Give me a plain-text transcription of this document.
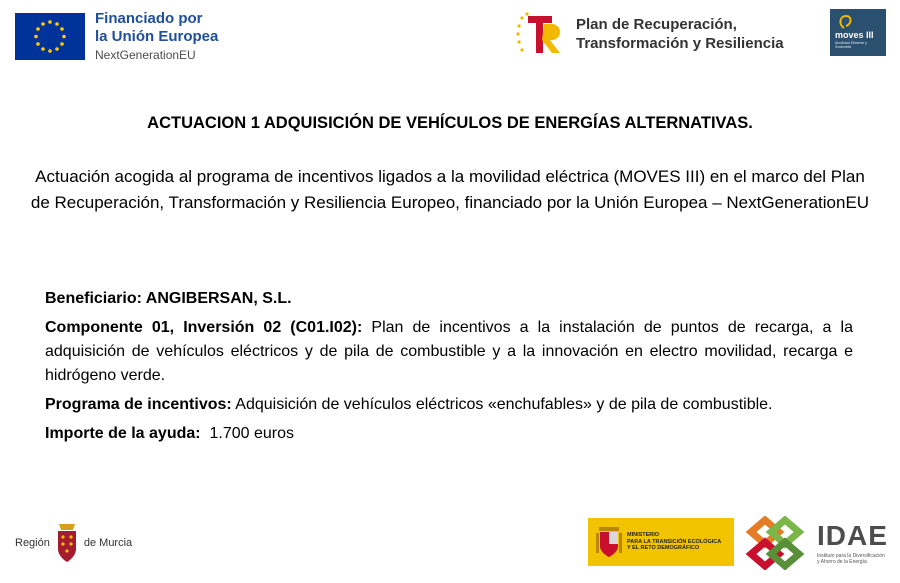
Financiado por
la Unión Europea
NextGenerationEU
Plan de Recuperación,
Transformación y Resiliencia	moves III
Movilidad Eficiente y Sostenible
ACTUACION 1 ADQUISICIÓN DE VEHÍCULOS DE ENERGÍAS ALTERNATIVAS.
Actuación acogida al programa de incentivos ligados a la movilidad eléctrica (MOVES III) en el marco del Plan de Recuperación, Transformación y Resiliencia Europeo, financiado por la Unión Europea – NextGenerationEU

Beneficiario: ANGIBERSAN, S.L.

Componente 01, Inversión 02 (C01.I02): Plan de incentivos a la instalación de puntos de recarga, a la adquisición de vehículos eléctricos y de pila de combustible y a la innovación en electro movilidad, recarga e hidrógeno verde.

Programa de incentivos: Adquisición de vehículos eléctricos «enchufables» y de pila de combustible.

Importe de la ayuda:  1.700 euros

Región	de Murcia
MINISTERIO
PARA LA TRANSICIÓN ECOLÓGICA
Y EL RETO DEMOGRÁFICO	IDAE
Instituto para la Diversificación y Ahorro de la Energía
